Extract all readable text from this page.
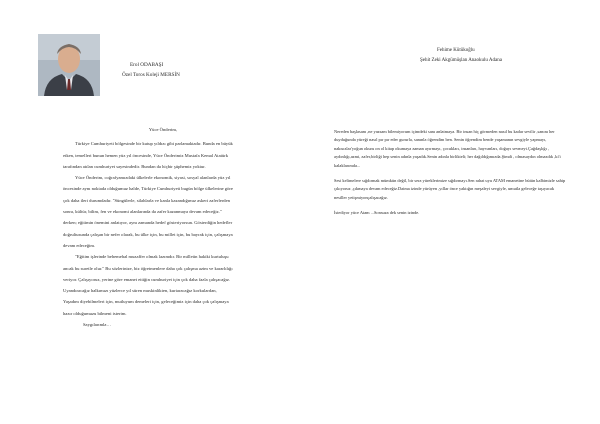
Erol ODABAŞI
Özel Toros Koleji MERSİN

Yüce Önderim,

Türkiye Cumhuriyeti bölgesinde bir kutup yıldızı gibi parlamaktadır. Bunda en büyük

etken, temelleri bunun hemen yüz yıl öncesinde, Yüce Önderimiz Mustafa Kemal Atatürk

tarafından atılan cumhuriyet sayesindedir. Bundan da hiçbir şüphemiz yoktur.

Yüce Önderim, coğrafyamızdaki ülkelerle ekonomik, siyasi, sosyal alanlarda yüz yıl

öncesinde aynı noktada olduğumuz halde, Türkiye Cumhuriyeti bugün bölge ülkelerine göre

çok daha ileri durumdadır. "Süngülerle, silahlarla ve kanla kazandığımız askeri zaferlerden

sonra, kültür, bilim, fen ve ekonomi alanlarında da zafer kazanmaya devam edeceğiz."

derken; eğitimin önemini anlatıyor, aynı zamanda hedef gösteriyorsun. Gösterdiğin hedefler

doğrultusunda çalışan bir nefer olarak, bu ülke için, bu millet için, bu bayrak için, çalışmaya

devam edeceğim.

"Eğitim işlerinde behemehal muzaffer olmak lazımdır. Bir milletin hakiki kurtuluşu

ancak bu suretle olur." Bu sözlerinize, biz öğretmenlere daha çok çalışma azim ve kararlılığı

veriyor. Çalışıyoruz, yerine göre emanet ettiğin cumhuriyet için çok daha fazla çalışacağız.

Uyandıracağız halkımızı yüzlerce yıl süren muskinlikten, kurtaracağız korkulardan,

Yaşadım diyebilmeleri için, mutluyum demeleri için, geleceğimiz için daha çok çalışmaya

hazır olduğumuzu bilmeni isterim.

Saygılarımla…

Fehime Kütükoğlu
Şehit Zeki Akgümüşlan Anaokulu Adana

Nereden başlasam ,ne yazsam bilemiyorum içimdeki sanı anlatmaya. Bir insan hiç görmeden nasıl bu kadar sevilir ,sanını her duyduğunda yüreği nasıl pır pır eder gururla, sanınla öğrendim ben. Senin öğrendim bende yaşamanın sevgiyle yapmayı, nakısızlar'yoğun okuru on ol kitap okumaya zaman ayırmayı, çocukları, insanları, hayvanları, doğayı sevmeyi.Çağdaşlığı , aydınlığı,azmi, zafer,birliği hep senin adınla yaşadık.Senin adınla birlikteli; her dağıldığımızda.Şimdi , olmasaydın olmazdık ,ki'i kalaklarımda...

Sesi kelimelere sığdırmak mümkün değil, bir sera yüreklerimize sığdırmayı.Sen rahat uyu ATAM emanetine bütün kalbimizle sahip çıkıyoruz ,çıkmaya devam edeceğiz.Daima izinde yürüyen ,yıllar önce yaktığın meşaleyi sevgiyle, umutla geleceğe taşıyacak nesiller yetişmiyonçalışacağız.

İstediyor yüce Atam ...Sonsuza dek senin izinde.
